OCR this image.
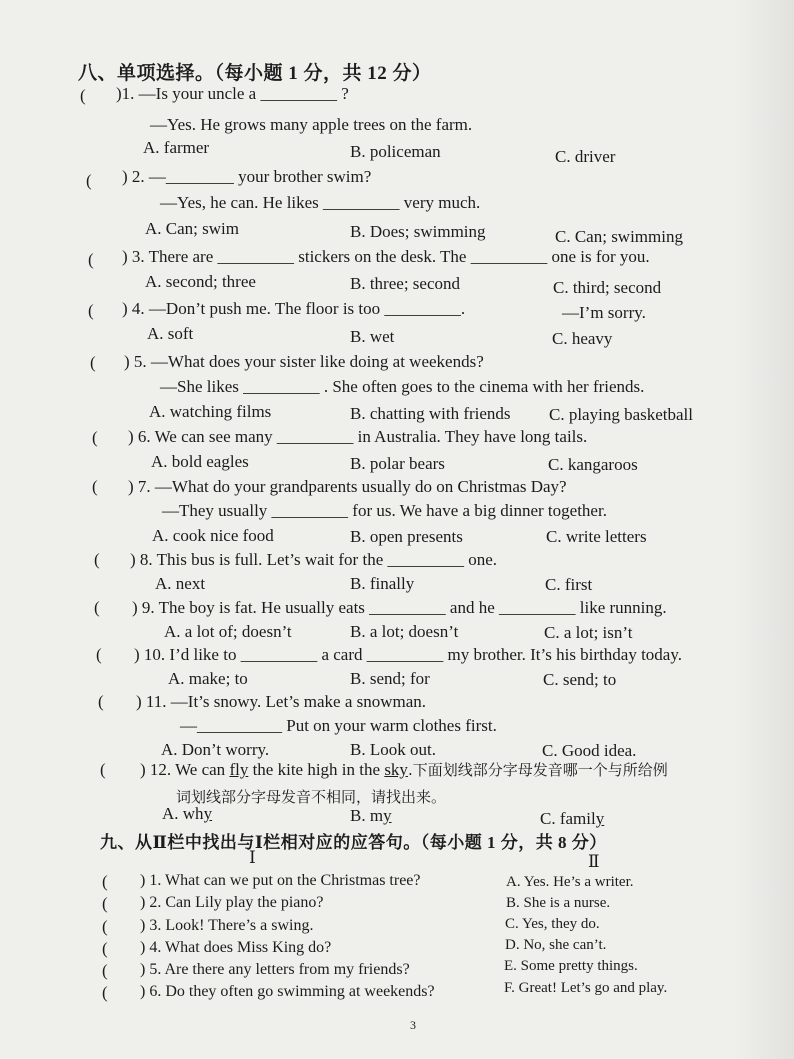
八、单项选择。（每小题 1 分，共 12 分）
( )1. —Is your uncle a _________ ?
—Yes. He grows many apple trees on the farm.
A. farmer	B. policeman	C. driver
( ) 2. —________ your brother swim?
—Yes, he can. He likes _________ very much.
A. Can; swim	B. Does; swimming	C. Can; swimming
( ) 3. There are _________ stickers on the desk. The _________ one is for you.
A. second; three	B. three; second	C. third; second
( ) 4. —Don’t push me. The floor is too _________.	—I’m sorry.
A. soft	B. wet	C. heavy
( ) 5. —What does your sister like doing at weekends?
—She likes _________ . She often goes to the cinema with her friends.
A. watching films	B. chatting with friends C. playing basketball
( ) 6. We can see many _________ in Australia. They have long tails.
A. bold eagles	B. polar bears	C. kangaroos
( ) 7. —What do your grandparents usually do on Christmas Day?
—They usually _________ for us. We have a big dinner together.
A. cook nice food	B. open presents	C. write letters
( ) 8. This bus is full. Let’s wait for the _________ one.
A. next	B. finally	C. first
( ) 9. The boy is fat. He usually eats _________ and he _________ like running.
A. a lot of; doesn’t	B. a lot; doesn’t	C. a lot; isn’t
( ) 10. I’d like to _________ a card _________ my brother. It’s his birthday today.
A. make; to	B. send; for	C. send; to
( ) 11. —It’s snowy. Let’s make a snowman.
—__________ Put on your warm clothes first.
A. Don’t worry.	B. Look out.	C. Good idea.
( ) 12. We can fly the kite high in the sky.下面划线部分字母发音哪一个与所给例
词划线部分字母发音不相同，请找出来。
A. why	B. my	C. family
九、从Ⅱ栏中找出与Ⅰ栏相对应的应答句。（每小题 1 分，共 8 分）
Ⅰ	Ⅱ
( ) 1. What can we put on the Christmas tree?	A. Yes. He’s a writer.
( ) 2. Can Lily play the piano?	B. She is a nurse.
( ) 3. Look! There’s a swing.	C. Yes, they do.
( ) 4. What does Miss King do?	D. No, she can’t.
( ) 5. Are there any letters from my friends?	E. Some pretty things.
( ) 6. Do they often go swimming at weekends?	F. Great! Let’s go and play.
3
